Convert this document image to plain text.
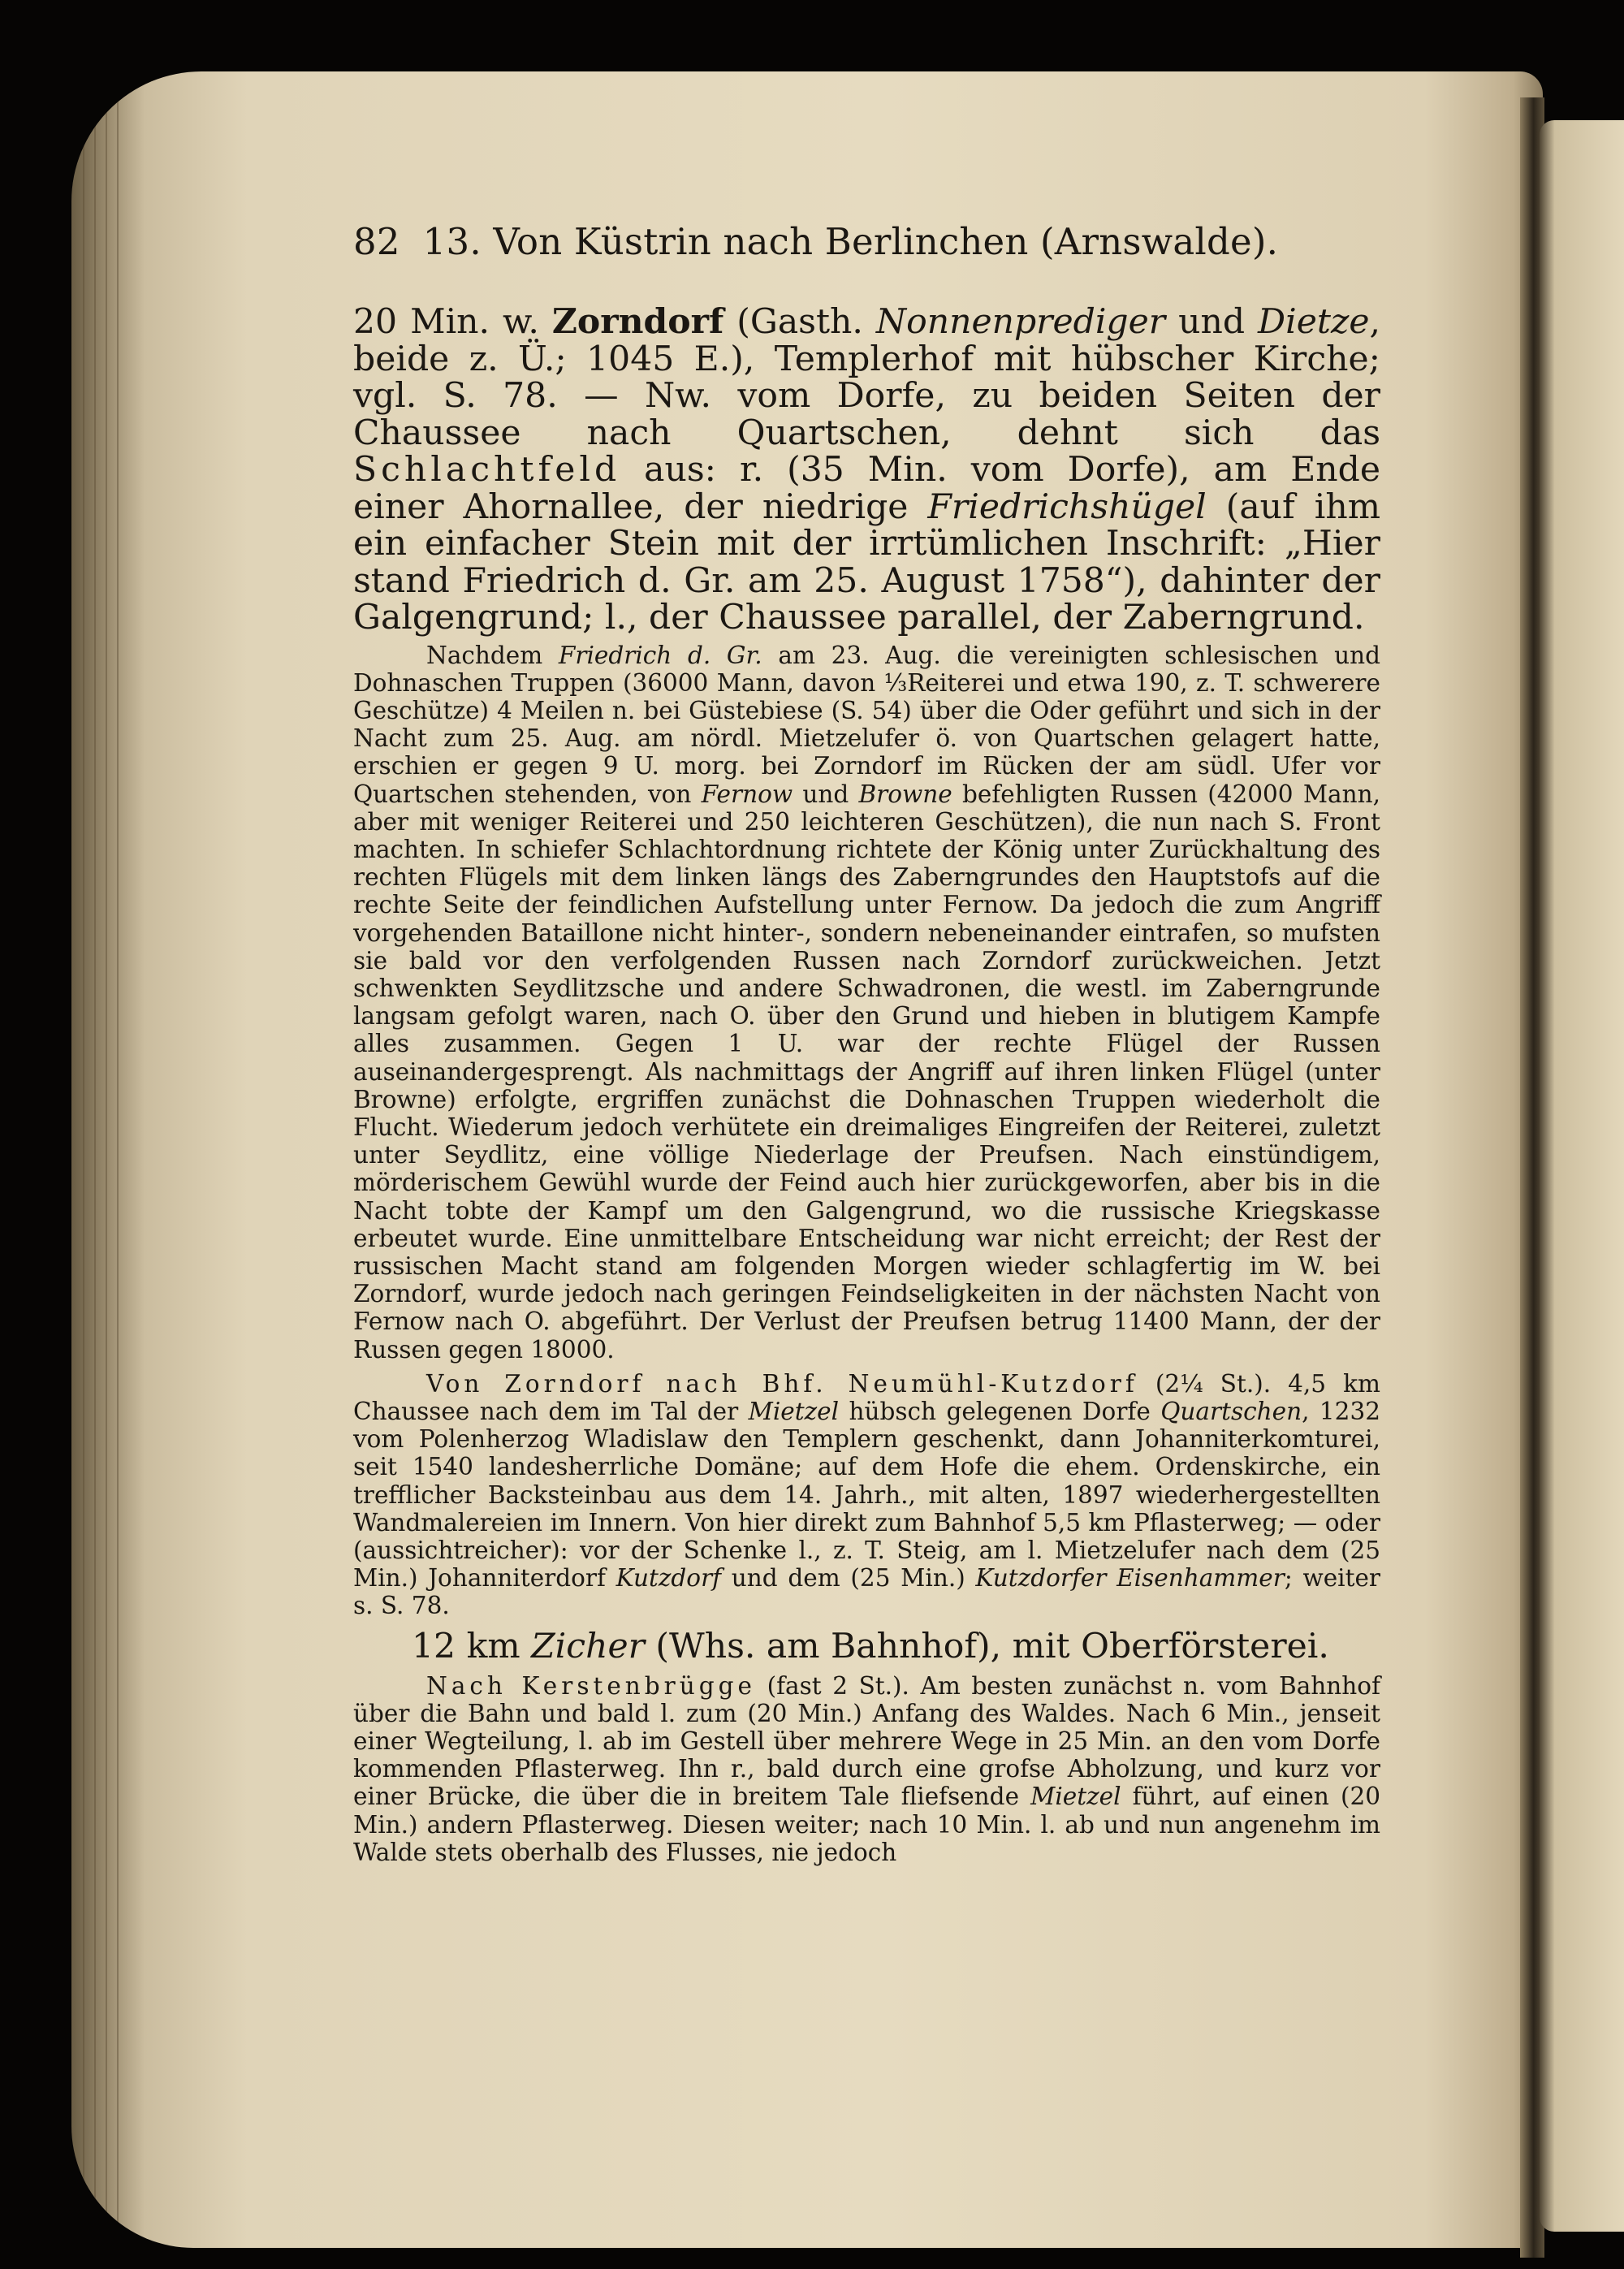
82 13. Von Küstrin nach Berlinchen (Arnswalde).

20 Min. w. Zorndorf (Gasth. Nonnenprediger und Dietze, beide z. Ü.; 1045 E.), Templerhof mit hübscher Kirche; vgl. S. 78. — Nw. vom Dorfe, zu beiden Seiten der Chaussee nach Quartschen, dehnt sich das Schlachtfeld aus: r. (35 Min. vom Dorfe), am Ende einer Ahornallee, der niedrige Friedrichshügel (auf ihm ein einfacher Stein mit der irrtümlichen Inschrift: „Hier stand Friedrich d. Gr. am 25. August 1758“), dahinter der Galgengrund; l., der Chaussee parallel, der Zaberngrund.

Nachdem Friedrich d. Gr. am 23. Aug. die vereinigten schlesischen und Dohnaschen Truppen (36000 Mann, davon ⅓Reiterei und etwa 190, z. T. schwerere Geschütze) 4 Meilen n. bei Güstebiese (S. 54) über die Oder geführt und sich in der Nacht zum 25. Aug. am nördl. Mietzelufer ö. von Quartschen gelagert hatte, erschien er gegen 9 U. morg. bei Zorndorf im Rücken der am südl. Ufer vor Quartschen stehenden, von Fernow und Browne befehligten Russen (42000 Mann, aber mit weniger Reiterei und 250 leichteren Geschützen), die nun nach S. Front machten. In schiefer Schlachtordnung richtete der König unter Zurückhaltung des rechten Flügels mit dem linken längs des Zaberngrundes den Hauptstofs auf die rechte Seite der feindlichen Aufstellung unter Fernow. Da jedoch die zum Angriff vorgehenden Bataillone nicht hinter-, sondern nebeneinander eintrafen, so mufsten sie bald vor den verfolgenden Russen nach Zorndorf zurückweichen. Jetzt schwenkten Seydlitzsche und andere Schwadronen, die westl. im Zaberngrunde langsam gefolgt waren, nach O. über den Grund und hieben in blutigem Kampfe alles zusammen. Gegen 1 U. war der rechte Flügel der Russen auseinandergesprengt. Als nachmittags der Angriff auf ihren linken Flügel (unter Browne) erfolgte, ergriffen zunächst die Dohnaschen Truppen wiederholt die Flucht. Wiederum jedoch verhütete ein dreimaliges Eingreifen der Reiterei, zuletzt unter Seydlitz, eine völlige Niederlage der Preufsen. Nach einstündigem, mörderischem Gewühl wurde der Feind auch hier zurückgeworfen, aber bis in die Nacht tobte der Kampf um den Galgengrund, wo die russische Kriegskasse erbeutet wurde. Eine unmittelbare Entscheidung war nicht erreicht; der Rest der russischen Macht stand am folgenden Morgen wieder schlagfertig im W. bei Zorndorf, wurde jedoch nach geringen Feindseligkeiten in der nächsten Nacht von Fernow nach O. abgeführt. Der Verlust der Preufsen betrug 11400 Mann, der der Russen gegen 18000.

Von Zorndorf nach Bhf. Neumühl-Kutzdorf (2¼ St.). 4,5 km Chaussee nach dem im Tal der Mietzel hübsch gelegenen Dorfe Quartschen, 1232 vom Polenherzog Wladislaw den Templern geschenkt, dann Johanniterkomturei, seit 1540 landesherrliche Domäne; auf dem Hofe die ehem. Ordenskirche, ein trefflicher Backsteinbau aus dem 14. Jahrh., mit alten, 1897 wiederhergestellten Wandmalereien im Innern. Von hier direkt zum Bahnhof 5,5 km Pflasterweg; — oder (aussichtreicher): vor der Schenke l., z. T. Steig, am l. Mietzelufer nach dem (25 Min.) Johanniterdorf Kutzdorf und dem (25 Min.) Kutzdorfer Eisenhammer; weiter s. S. 78.

12 km Zicher (Whs. am Bahnhof), mit Oberförsterei.

Nach Kerstenbrügge (fast 2 St.). Am besten zunächst n. vom Bahnhof über die Bahn und bald l. zum (20 Min.) Anfang des Waldes. Nach 6 Min., jenseit einer Wegteilung, l. ab im Gestell über mehrere Wege in 25 Min. an den vom Dorfe kommenden Pflasterweg. Ihn r., bald durch eine grofse Abholzung, und kurz vor einer Brücke, die über die in breitem Tale fliefsende Mietzel führt, auf einen (20 Min.) andern Pflasterweg. Diesen weiter; nach 10 Min. l. ab und nun angenehm im Walde stets oberhalb des Flusses, nie jedoch
